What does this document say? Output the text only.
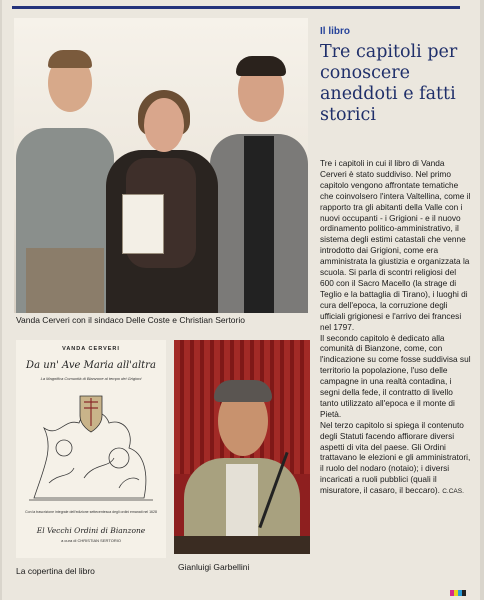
Vanda Cerveri con il sindaco Delle Coste e Christian Sertorio
VANDA CERVERI
Da un' Ave Maria all'altra
La Magnifica Comunità di Bianzone al tempo dei Grigioni
Con la trascrizione integrale dell'edizione settecentesca degli ordini emanati nel 1628
El Vecchi Ordini di Bianzone
a cura di CHRISTIAN SERTORIO
La copertina del libro	Gianluigi Garbellini
Il libro
Tre capitoli per conoscere aneddoti e fatti storici

Tre i capitoli in cui il libro di Vanda Cerveri è stato suddiviso. Nel primo capitolo vengono affrontate tematiche che coinvolsero l'intera Valtellina, come il rapporto tra gli abitanti della Valle con i nuovi occupanti - i Grigioni - e il nuovo ordinamento politico-amministrativo, il sistema degli estimi catastali che venne introdotto dai Grigioni, come era amministrata la giustizia e organizzata la scuola. Si parla di scontri religiosi del 600 con il Sacro Macello (la strage di Teglio e la battaglia di Tirano), i luoghi di cura dell'epoca, la corruzione degli ufficiali grigionesi e l'arrivo dei francesi nel 1797.

Il secondo capitolo è dedicato alla comunità di Bianzone, come, con l'indicazione su come fosse suddivisa sul territorio la popolazione, l'uso delle campagne in una realtà contadina, i segni della fede, il contratto di livello tanto utilizzato all'epoca e il monte di Pietà.

Nel terzo capitolo si spiega il contenuto degli Statuti facendo affiorare diversi aspetti di vita del paese. Gli Ordini trattavano le elezioni e gli amministratori, il ruolo del nodaro (notaio); i diversi incaricati a ruoli pubblici (quali il misuratore, il casaro, il beccaro). C.CAS.
